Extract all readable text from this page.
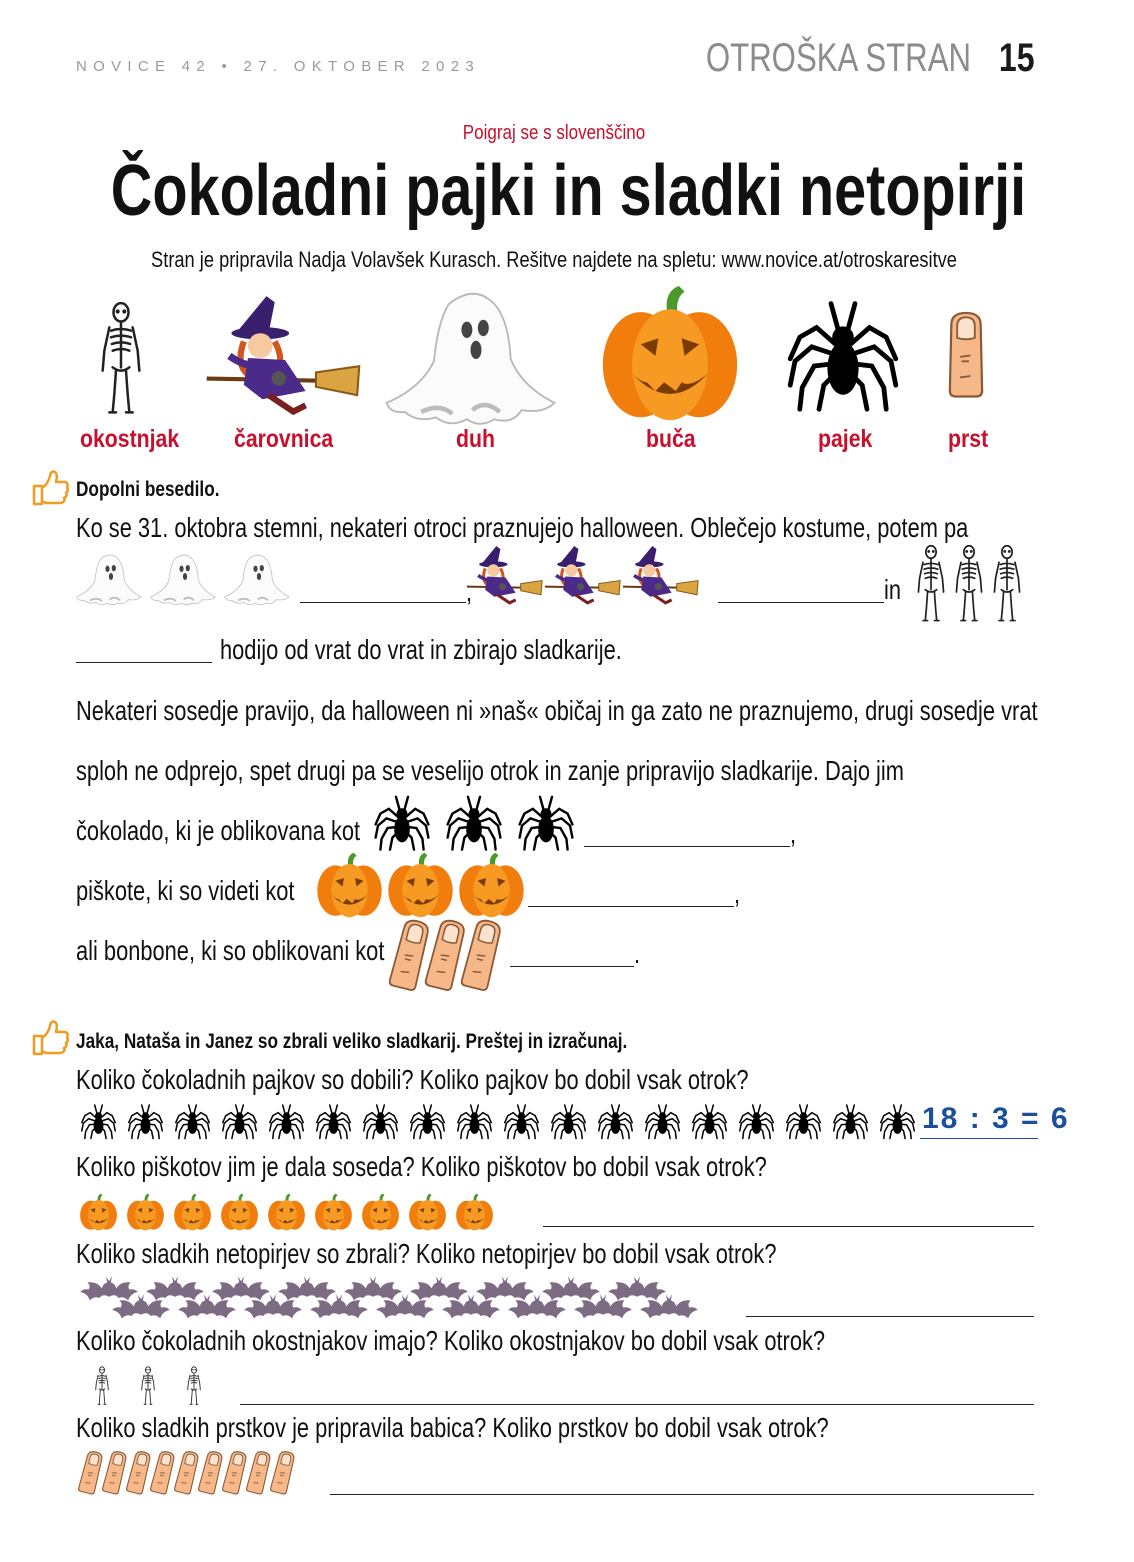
NOVICE 42 • 27. OKTOBER 2023	OTROŠKA STRAN 15
Poigraj se s slovenščino
Čokoladni pajki in sladki netopirji
Stran je pripravila Nadja Volavšek Kurasch. Rešitve najdete na spletu: www.novice.at/otroskaresitve
okostnjak čarovnica	duh	buča	pajek	prst
Dopolni besedilo.
Ko se 31. oktobra stemni, nekateri otroci praznujejo halloween. Oblečejo kostume, potem pa
,	in
hodijo od vrat do vrat in zbirajo sladkarije.
Nekateri sosedje pravijo, da halloween ni »naš« običaj in ga zato ne praznujemo, drugi sosedje vrat
sploh ne odprejo, spet drugi pa se veselijo otrok in zanje pripravijo sladkarije. Dajo jim
čokolado, ki je oblikovana kot	,
piškote, ki so videti kot	,
ali bonbone, ki so oblikovani kot	.
Jaka, Nataša in Janez so zbrali veliko sladkarij. Preštej in izračunaj.
Koliko čokoladnih pajkov so dobili? Koliko pajkov bo dobil vsak otrok?
18 : 3 = 6
Koliko piškotov jim je dala soseda? Koliko piškotov bo dobil vsak otrok?
Koliko sladkih netopirjev so zbrali? Koliko netopirjev bo dobil vsak otrok?
Koliko čokoladnih okostnjakov imajo? Koliko okostnjakov bo dobil vsak otrok?
Koliko sladkih prstkov je pripravila babica? Koliko prstkov bo dobil vsak otrok?
